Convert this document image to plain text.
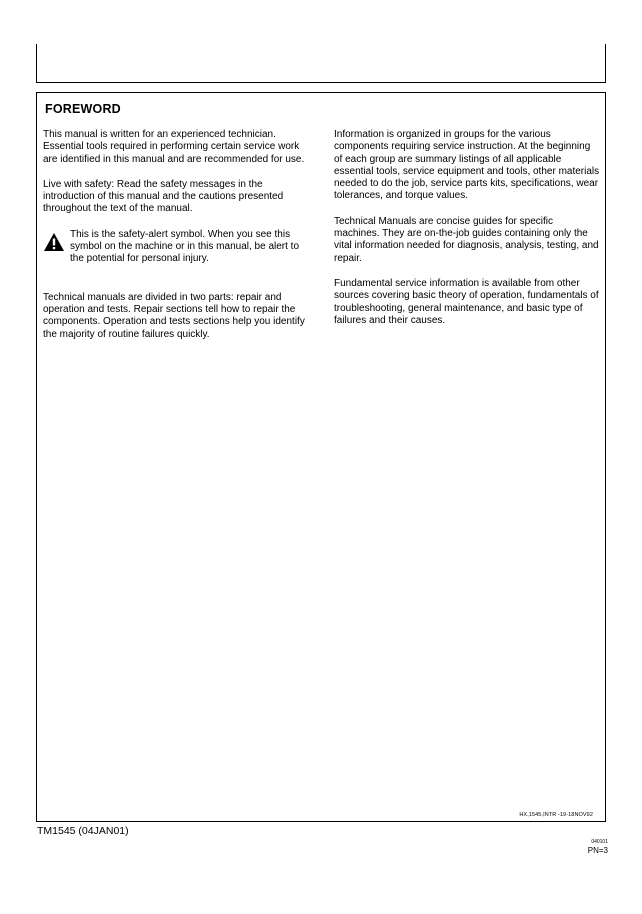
FOREWORD

This manual is written for an experienced technician. Essential tools required in performing certain service work are identified in this manual and are recommended for use.

Live with safety: Read the safety messages in the introduction of this manual and the cautions presented throughout the text of the manual.

This is the safety-alert symbol. When you see this symbol on the machine or in this manual, be alert to the potential for personal injury.

Technical manuals are divided in two parts: repair and operation and tests. Repair sections tell how to repair the components. Operation and tests sections help you identify the majority of routine failures quickly.

Information is organized in groups for the various components requiring service instruction. At the beginning of each group are summary listings of all applicable essential tools, service equipment and tools, other materials needed to do the job, service parts kits, specifications, wear tolerances, and torque values.

Technical Manuals are concise guides for specific machines. They are on-the-job guides containing only the vital information needed for diagnosis, analysis, testing, and repair.

Fundamental service information is available from other sources covering basic theory of operation, fundamentals of troubleshooting, general maintenance, and basic type of failures and their causes.

HX,1545,INTR -19-18NOV92
TM1545 (04JAN01)
040101
PN=3
